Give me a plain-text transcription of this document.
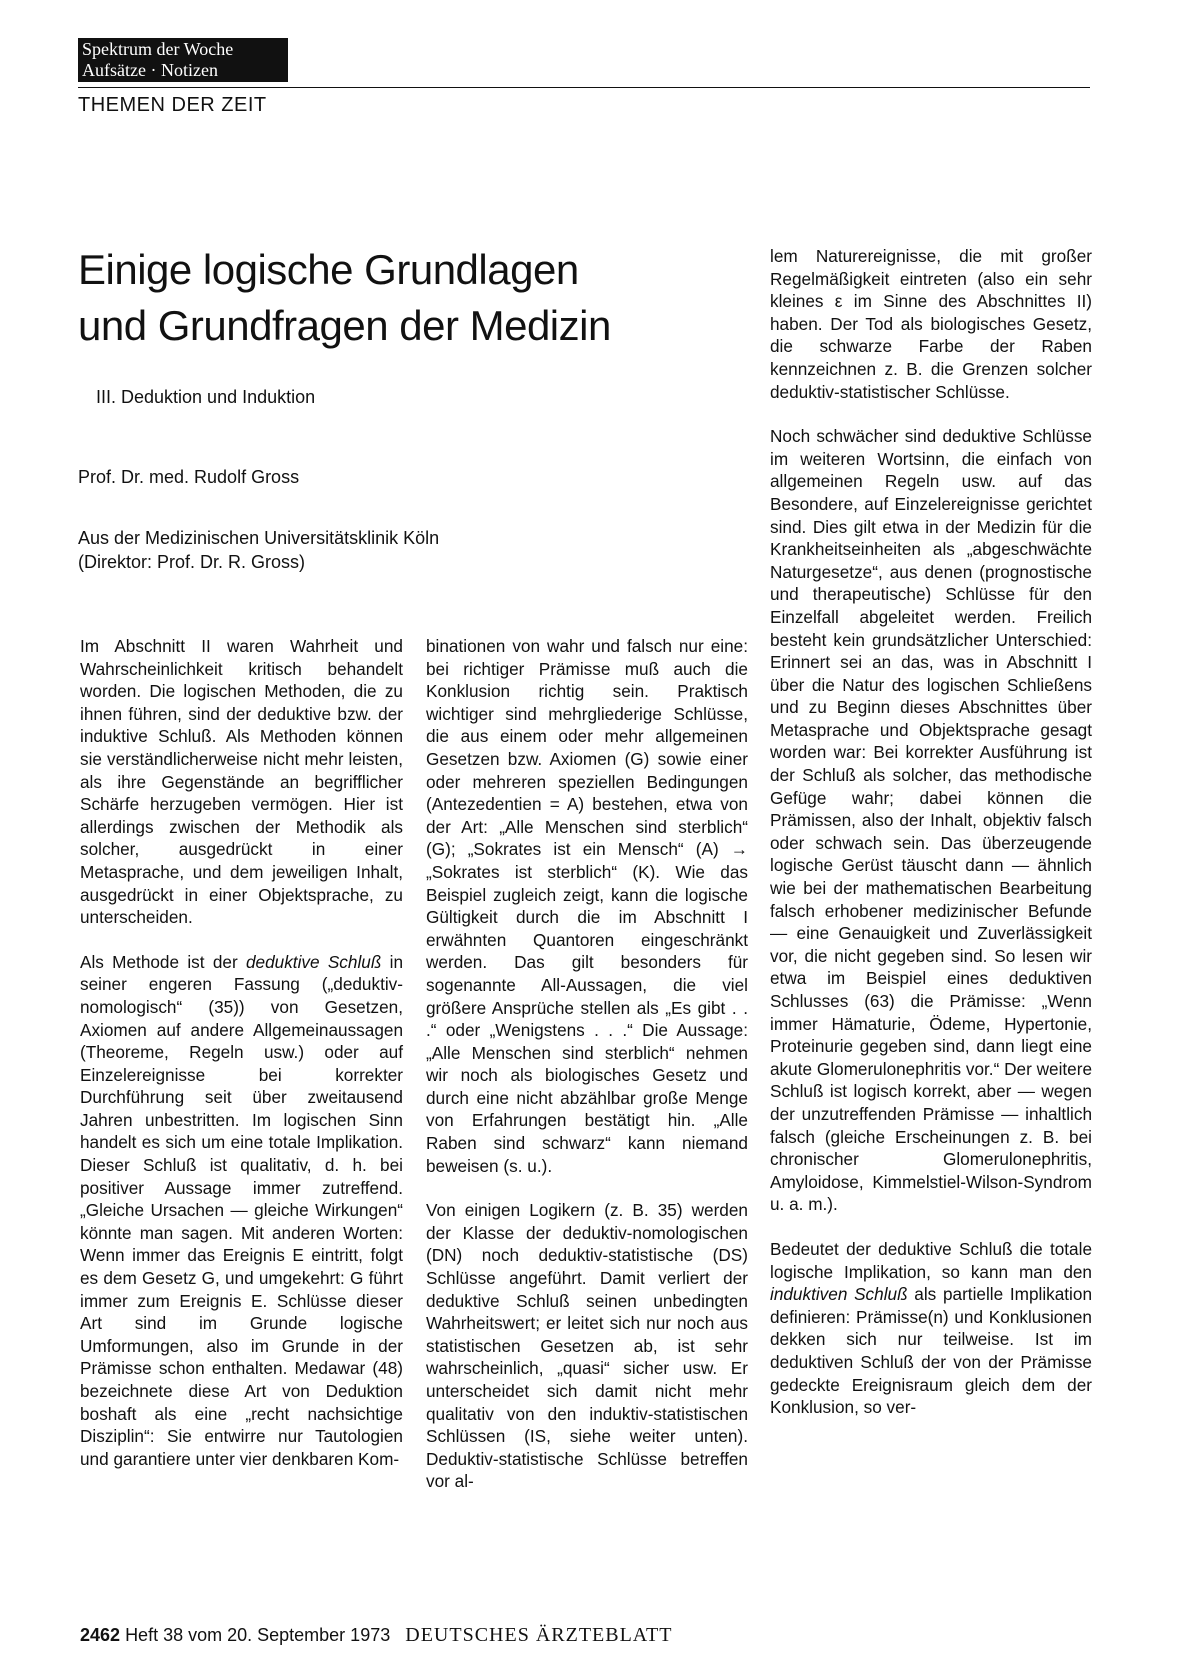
Spektrum der Woche
Aufsätze · Notizen
THEMEN DER ZEIT
Einige logische Grundlagen
und Grundfragen der Medizin
III. Deduktion und Induktion
Prof. Dr. med. Rudolf Gross
Aus der Medizinischen Universitätsklinik Köln
(Direktor: Prof. Dr. R. Gross)

Im Abschnitt II waren Wahrheit und Wahrscheinlichkeit kritisch behandelt worden. Die logischen Methoden, die zu ihnen führen, sind der deduktive bzw. der induktive Schluß. Als Methoden können sie verständlicherweise nicht mehr leisten, als ihre Gegenstände an begrifflicher Schärfe herzugeben vermögen. Hier ist allerdings zwischen der Methodik als solcher, ausgedrückt in einer Metasprache, und dem jeweiligen Inhalt, ausgedrückt in einer Objektsprache, zu unterscheiden.

Als Methode ist der deduktive Schluß in seiner engeren Fassung („deduktiv-nomologisch“ (35)) von Gesetzen, Axiomen auf andere Allgemeinaussagen (Theoreme, Regeln usw.) oder auf Einzelereignisse bei korrekter Durchführung seit über zweitausend Jahren unbestritten. Im logischen Sinn handelt es sich um eine totale Implikation. Dieser Schluß ist qualitativ, d. h. bei positiver Aussage immer zutreffend. „Gleiche Ursachen — gleiche Wirkungen“ könnte man sagen. Mit anderen Worten: Wenn immer das Ereignis E eintritt, folgt es dem Gesetz G, und umgekehrt: G führt immer zum Ereignis E. Schlüsse dieser Art sind im Grunde logische Umformungen, also im Grunde in der Prämisse schon enthalten. Medawar (48) bezeichnete diese Art von Deduktion boshaft als eine „recht nachsichtige Disziplin“: Sie entwirre nur Tautologien und garantiere unter vier denkbaren Kom-

binationen von wahr und falsch nur eine: bei richtiger Prämisse muß auch die Konklusion richtig sein. Praktisch wichtiger sind mehrgliederige Schlüsse, die aus einem oder mehr allgemeinen Gesetzen bzw. Axiomen (G) sowie einer oder mehreren speziellen Bedingungen (Antezedentien = A) bestehen, etwa von der Art: „Alle Menschen sind sterblich“ (G); „Sokrates ist ein Mensch“ (A) → „Sokrates ist sterblich“ (K). Wie das Beispiel zugleich zeigt, kann die logische Gültigkeit durch die im Abschnitt I erwähnten Quantoren eingeschränkt werden. Das gilt besonders für sogenannte All-Aussagen, die viel größere Ansprüche stellen als „Es gibt . . .“ oder „Wenigstens . . .“ Die Aussage: „Alle Menschen sind sterblich“ nehmen wir noch als biologisches Gesetz und durch eine nicht abzählbar große Menge von Erfahrungen bestätigt hin. „Alle Raben sind schwarz“ kann niemand beweisen (s. u.).

Von einigen Logikern (z. B. 35) werden der Klasse der deduktiv-nomologischen (DN) noch deduktiv-statistische (DS) Schlüsse angeführt. Damit verliert der deduktive Schluß seinen unbedingten Wahrheitswert; er leitet sich nur noch aus statistischen Gesetzen ab, ist sehr wahrscheinlich, „quasi“ sicher usw. Er unterscheidet sich damit nicht mehr qualitativ von den induktiv-statistischen Schlüssen (IS, siehe weiter unten). Deduktiv-statistische Schlüsse betreffen vor al-

lem Naturereignisse, die mit großer Regelmäßigkeit eintreten (also ein sehr kleines ε im Sinne des Abschnittes II) haben. Der Tod als biologisches Gesetz, die schwarze Farbe der Raben kennzeichnen z. B. die Grenzen solcher deduktiv-statistischer Schlüsse.

Noch schwächer sind deduktive Schlüsse im weiteren Wortsinn, die einfach von allgemeinen Regeln usw. auf das Besondere, auf Einzelereignisse gerichtet sind. Dies gilt etwa in der Medizin für die Krankheitseinheiten als „abgeschwächte Naturgesetze“, aus denen (prognostische und therapeutische) Schlüsse für den Einzelfall abgeleitet werden. Freilich besteht kein grundsätzlicher Unterschied: Erinnert sei an das, was in Abschnitt I über die Natur des logischen Schließens und zu Beginn dieses Abschnittes über Metasprache und Objektsprache gesagt worden war: Bei korrekter Ausführung ist der Schluß als solcher, das methodische Gefüge wahr; dabei können die Prämissen, also der Inhalt, objektiv falsch oder schwach sein. Das überzeugende logische Gerüst täuscht dann — ähnlich wie bei der mathematischen Bearbeitung falsch erhobener medizinischer Befunde — eine Genauigkeit und Zuverlässigkeit vor, die nicht gegeben sind. So lesen wir etwa im Beispiel eines deduktiven Schlusses (63) die Prämisse: „Wenn immer Hämaturie, Ödeme, Hypertonie, Proteinurie gegeben sind, dann liegt eine akute Glomerulonephritis vor.“ Der weitere Schluß ist logisch korrekt, aber — wegen der unzutreffenden Prämisse — inhaltlich falsch (gleiche Erscheinungen z. B. bei chronischer Glomerulonephritis, Amyloidose, Kimmelstiel-Wilson-Syndrom u. a. m.).

Bedeutet der deduktive Schluß die totale logische Implikation, so kann man den induktiven Schluß als partielle Implikation definieren: Prämisse(n) und Konklusionen dekken sich nur teilweise. Ist im deduktiven Schluß der von der Prämisse gedeckte Ereignisraum gleich dem der Konklusion, so ver-

2462 Heft 38 vom 20. September 1973 DEUTSCHES ÄRZTEBLATT
